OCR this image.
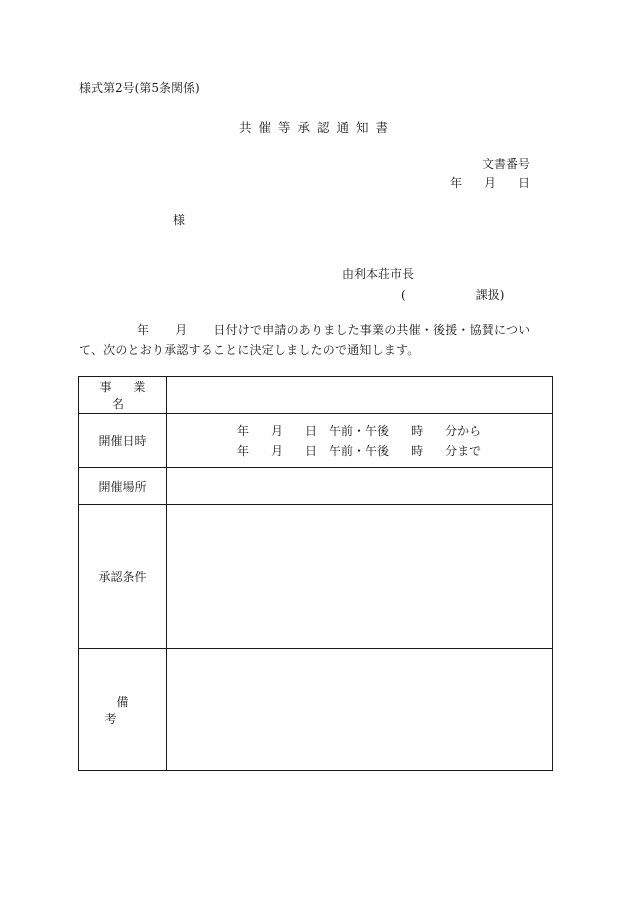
様式第2号(第5条関係)
共催等承認通知書
文書番号
年 月 日
様
由利本荘市長
(	課扱)
年 月 日付けで申請のありました事業の共催・後援・協賛について、次のとおり承認することに決定しましたので通知します。
事 業 名	
開催日時	年 月 日 午前・午後 時 分から
年 月 日 午前・午後 時 分まで

開催場所	
承認条件	
備 考	
